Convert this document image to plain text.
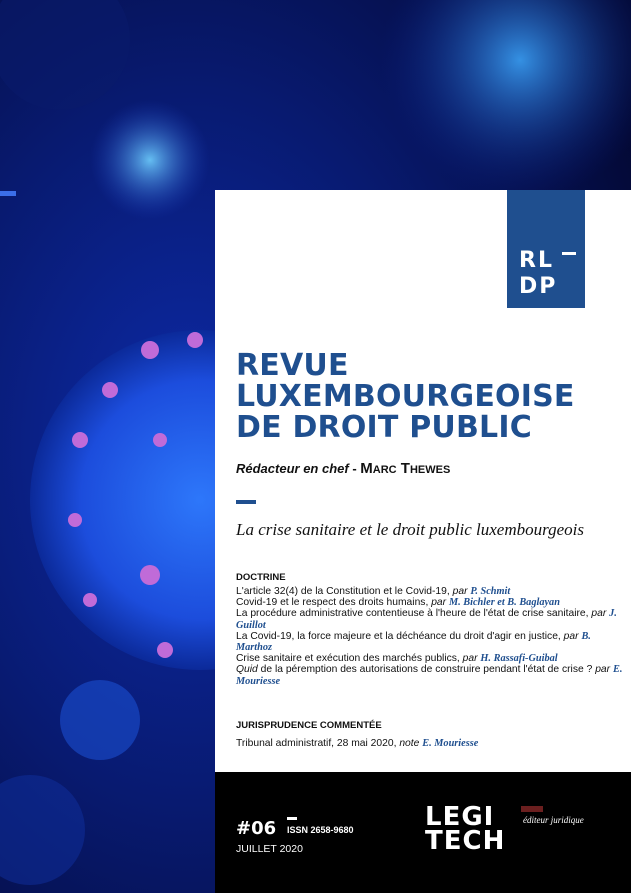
RL
DP
REVUE
LUXEMBOURGEOISE
DE DROIT PUBLIC
Rédacteur en chef - Marc Thewes
La crise sanitaire et le droit public luxembourgeois
DOCTRINE

L'article 32(4) de la Constitution et le Covid-19, par P. Schmit

Covid-19 et le respect des droits humains, par M. Bichler et B. Baglayan

La procédure administrative contentieuse à l'heure de l'état de crise sanitaire, par J. Guillot

La Covid-19, la force majeure et la déchéance du droit d'agir en justice, par B. Marthoz

Crise sanitaire et exécution des marchés publics, par H. Rassafi-Guibal

Quid de la péremption des autorisations de construire pendant l'état de crise ? par E. Mouriesse

JURISPRUDENCE COMMENTÉE
Tribunal administratif, 28 mai 2020, note E. Mouriesse
#06 ISSN 2658-9680
JUILLET 2020
LEGI
TECH
éditeur juridique
